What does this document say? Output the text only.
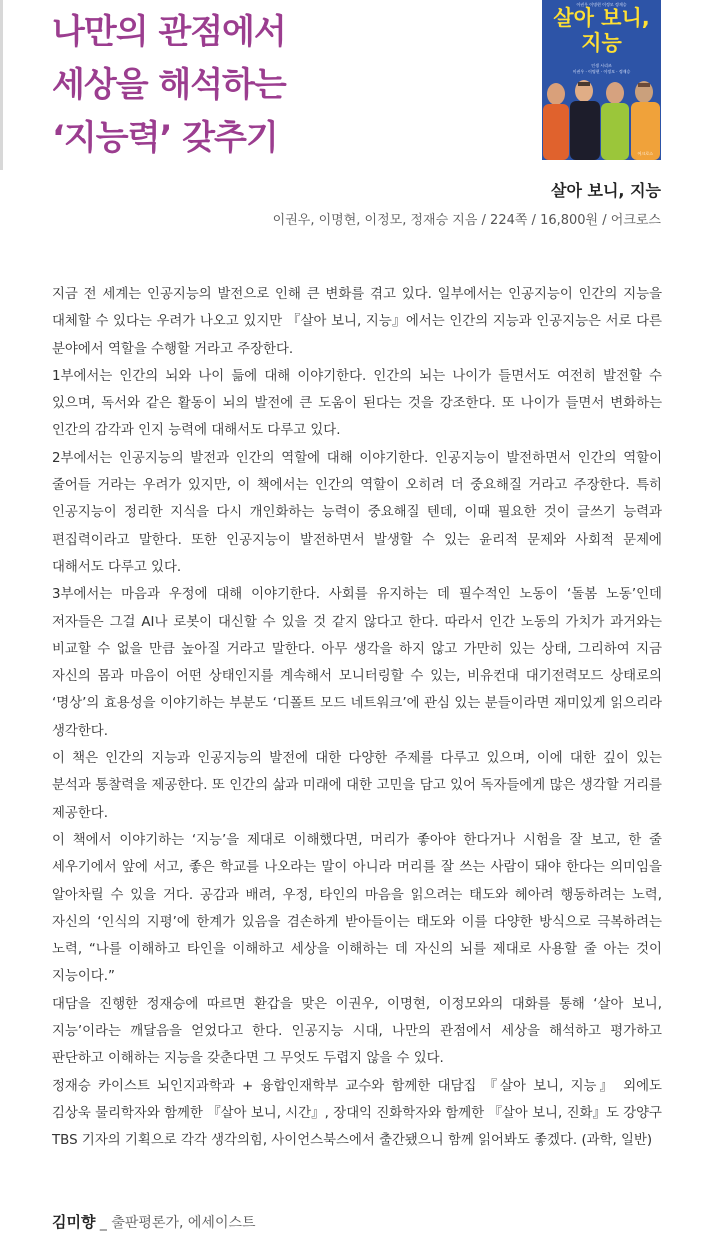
나만의 관점에서
세상을 해석하는
‘지능력’ 갖추기
이권우 이명현 이정모 정재승
살아 보니,
지능
인생 시리즈
이권우 · 이명현 · 이정모 · 정재승
어크로스
살아 보니, 지능
이권우, 이명현, 이정모, 정재승 지음 / 224쪽 / 16,800원 / 어크로스

지금 전 세계는 인공지능의 발전으로 인해 큰 변화를 겪고 있다. 일부에서는 인공지능이 인간의 지능을 대체할 수 있다는 우려가 나오고 있지만 『살아 보니, 지능』에서는 인간의 지능과 인공지능은 서로 다른 분야에서 역할을 수행할 거라고 주장한다.

1부에서는 인간의 뇌와 나이 듦에 대해 이야기한다. 인간의 뇌는 나이가 들면서도 여전히 발전할 수 있으며, 독서와 같은 활동이 뇌의 발전에 큰 도움이 된다는 것을 강조한다. 또 나이가 들면서 변화하는 인간의 감각과 인지 능력에 대해서도 다루고 있다.

2부에서는 인공지능의 발전과 인간의 역할에 대해 이야기한다. 인공지능이 발전하면서 인간의 역할이 줄어들 거라는 우려가 있지만, 이 책에서는 인간의 역할이 오히려 더 중요해질 거라고 주장한다. 특히 인공지능이 정리한 지식을 다시 개인화하는 능력이 중요해질 텐데, 이때 필요한 것이 글쓰기 능력과 편집력이라고 말한다. 또한 인공지능이 발전하면서 발생할 수 있는 윤리적 문제와 사회적 문제에 대해서도 다루고 있다.

3부에서는 마음과 우정에 대해 이야기한다. 사회를 유지하는 데 필수적인 노동이 ‘돌봄 노동’인데 저자들은 그걸 AI나 로봇이 대신할 수 있을 것 같지 않다고 한다. 따라서 인간 노동의 가치가 과거와는 비교할 수 없을 만큼 높아질 거라고 말한다. 아무 생각을 하지 않고 가만히 있는 상태, 그리하여 지금 자신의 몸과 마음이 어떤 상태인지를 계속해서 모니터링할 수 있는, 비유컨대 대기전력모드 상태로의 ‘명상’의 효용성을 이야기하는 부분도 ‘디폴트 모드 네트워크’에 관심 있는 분들이라면 재미있게 읽으리라 생각한다.

이 책은 인간의 지능과 인공지능의 발전에 대한 다양한 주제를 다루고 있으며, 이에 대한 깊이 있는 분석과 통찰력을 제공한다. 또 인간의 삶과 미래에 대한 고민을 담고 있어 독자들에게 많은 생각할 거리를 제공한다.

이 책에서 이야기하는 ‘지능’을 제대로 이해했다면, 머리가 좋아야 한다거나 시험을 잘 보고, 한 줄 세우기에서 앞에 서고, 좋은 학교를 나오라는 말이 아니라 머리를 잘 쓰는 사람이 돼야 한다는 의미임을 알아차릴 수 있을 거다. 공감과 배려, 우정, 타인의 마음을 읽으려는 태도와 헤아려 행동하려는 노력, 자신의 ‘인식의 지평’에 한계가 있음을 겸손하게 받아들이는 태도와 이를 다양한 방식으로 극복하려는 노력, “나를 이해하고 타인을 이해하고 세상을 이해하는 데 자신의 뇌를 제대로 사용할 줄 아는 것이 지능이다.”

대담을 진행한 정재승에 따르면 환갑을 맞은 이권우, 이명현, 이정모와의 대화를 통해 ‘살아 보니, 지능’이라는 깨달음을 얻었다고 한다. 인공지능 시대, 나만의 관점에서 세상을 해석하고 평가하고 판단하고 이해하는 지능을 갖춘다면 그 무엇도 두렵지 않을 수 있다.

정재승 카이스트 뇌인지과학과 + 융합인재학부 교수와 함께한 대담집 『살아 보니, 지능』 외에도 김상욱 물리학자와 함께한 『살아 보니, 시간』, 장대익 진화학자와 함께한 『살아 보니, 진화』도 강양구 TBS 기자의 기획으로 각각 생각의힘, 사이언스북스에서 출간됐으니 함께 읽어봐도 좋겠다. (과학, 일반)

김미향 _ 출판평론가, 에세이스트
